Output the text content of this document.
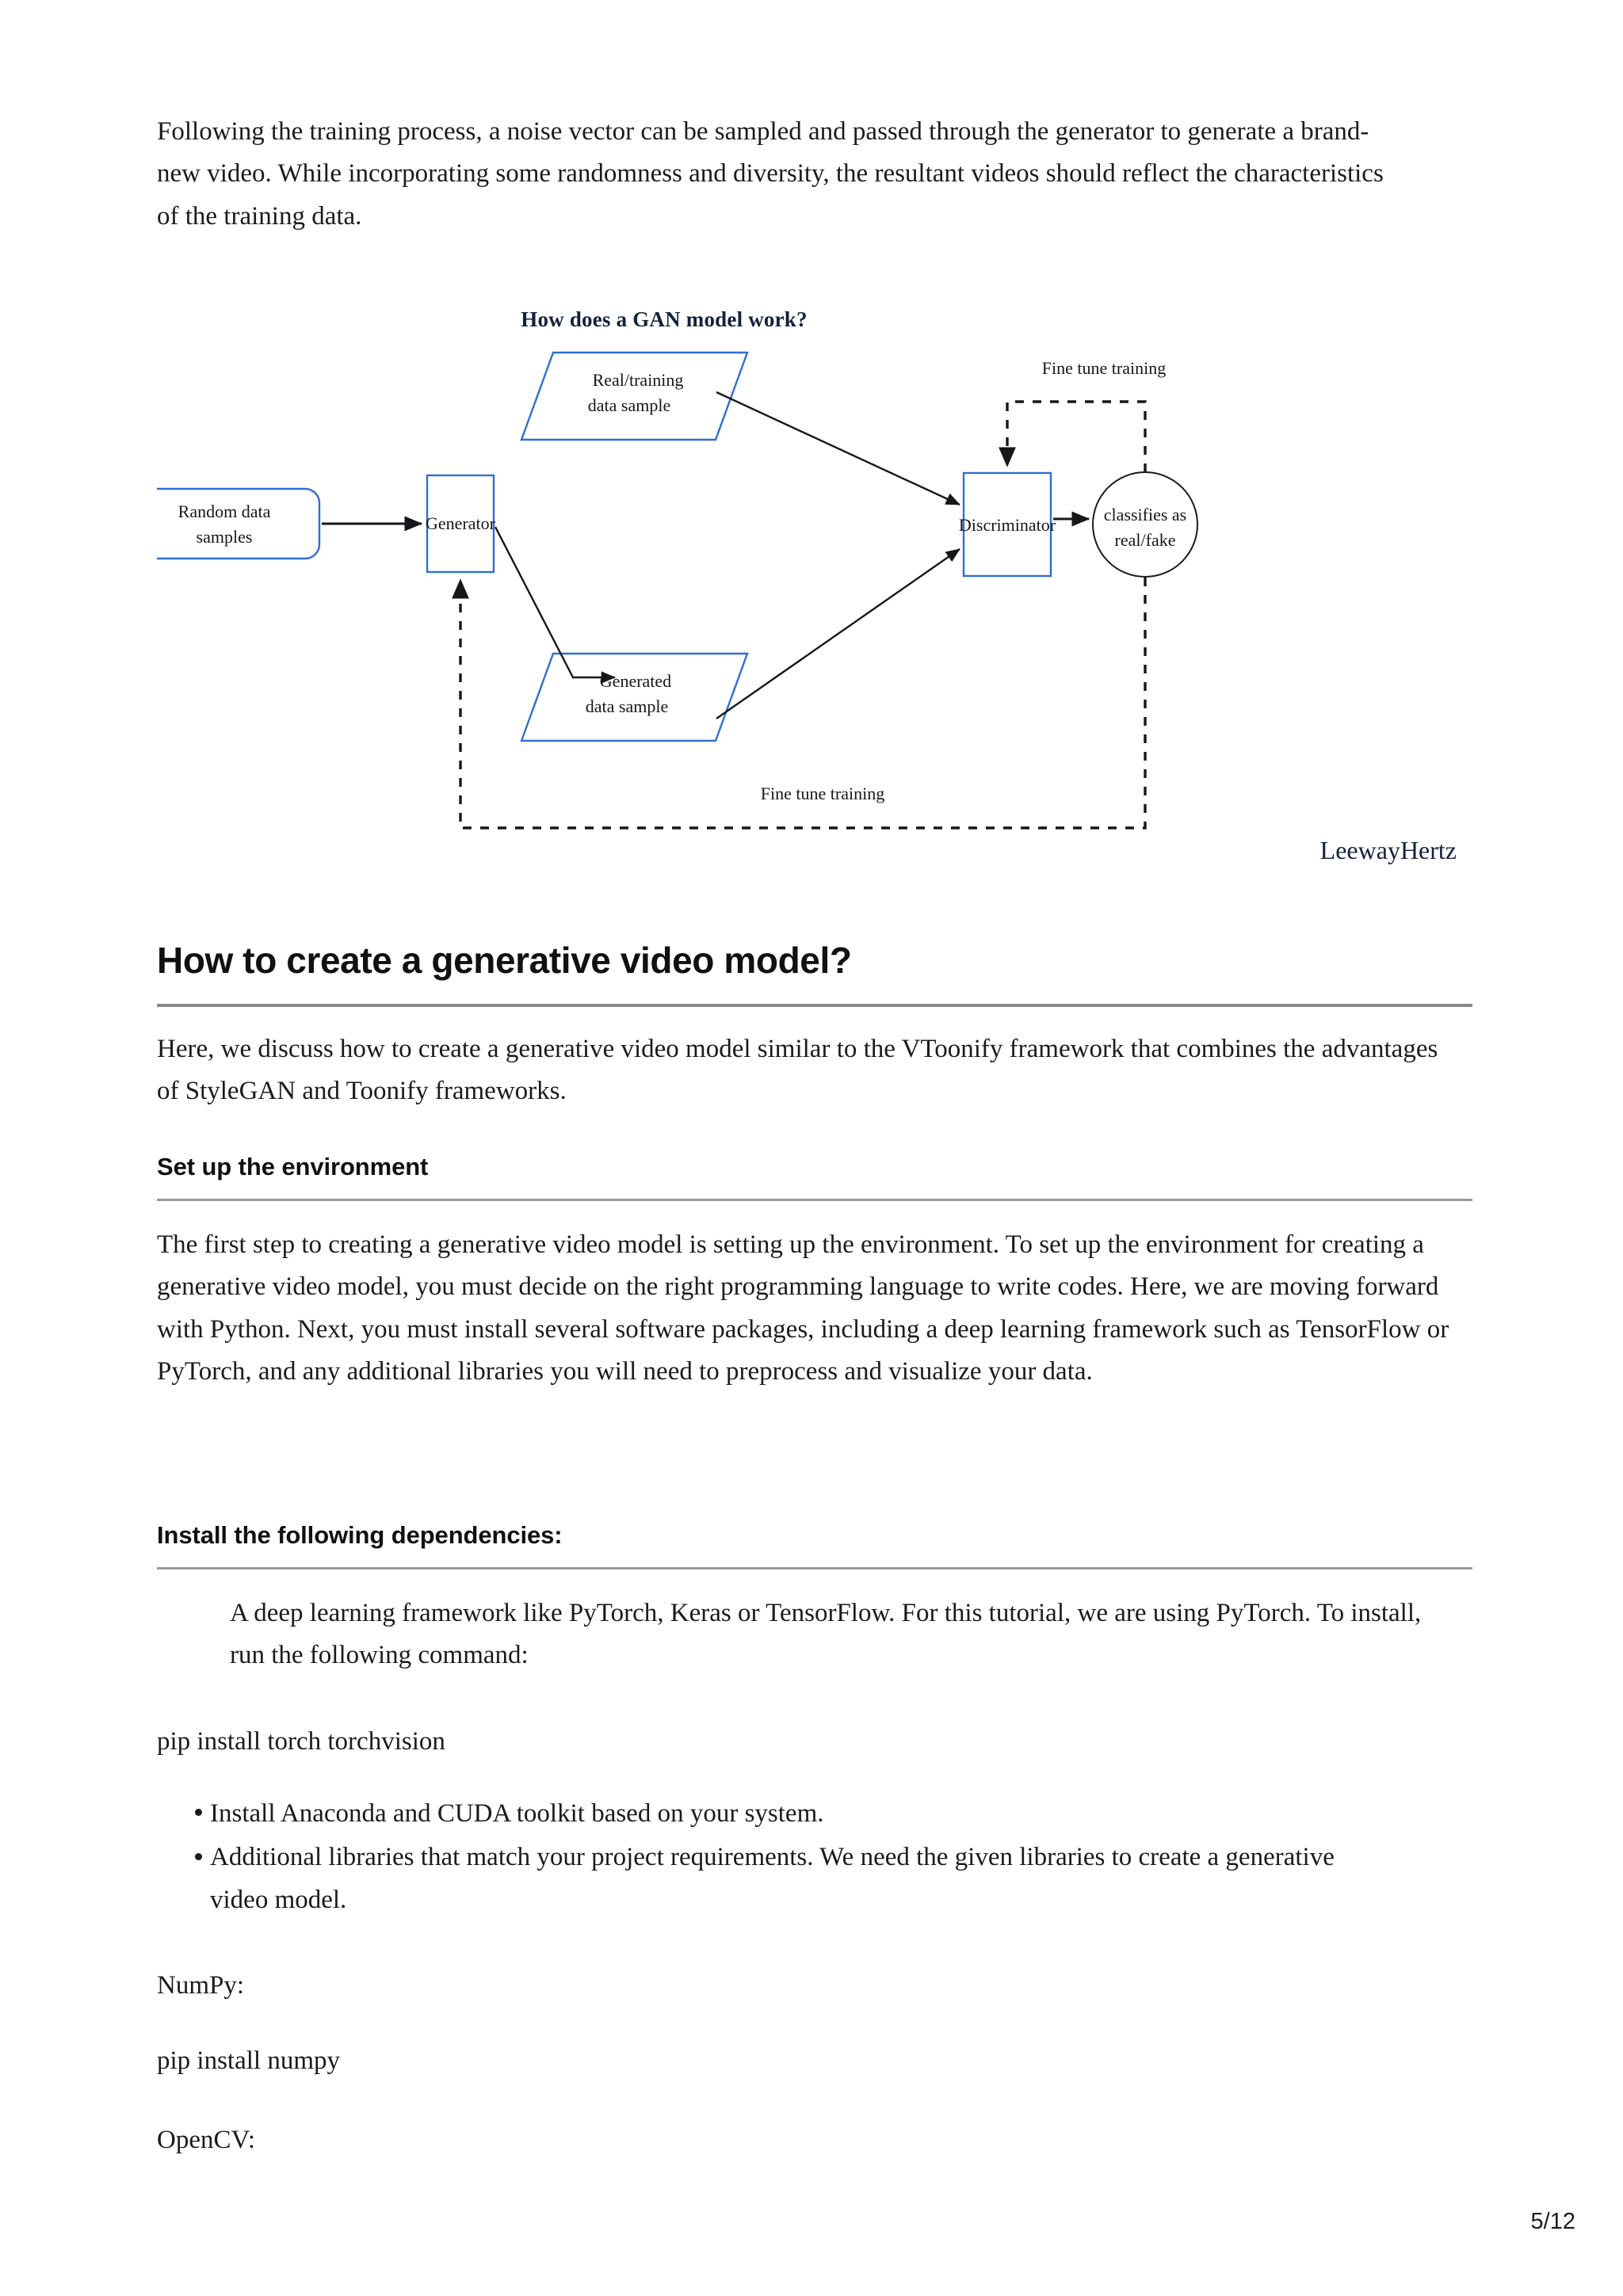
Following the training process, a noise vector can be sampled and passed through the generator to generate a brand-new video. While incorporating some randomness and diversity, the resultant videos should reflect the characteristics of the training data.

How does a GAN model work?
Random data
samples
Generator
Real/training
data sample
Generated
data sample
Discriminator
classifies as
real/fake
Fine tune training
Fine tune training
LeewayHertz
How to create a generative video model?

Here, we discuss how to create a generative video model similar to the VToonify framework that combines the advantages of StyleGAN and Toonify frameworks.

Set up the environment

The first step to creating a generative video model is setting up the environment. To set up the environment for creating a generative video model, you must decide on the right programming language to write codes. Here, we are moving forward with Python. Next, you must install several software packages, including a deep learning framework such as TensorFlow or PyTorch, and any additional libraries you will need to preprocess and visualize your data.

Install the following dependencies:

A deep learning framework like PyTorch, Keras or TensorFlow. For this tutorial, we are using PyTorch. To install, run the following command:

pip install torch torchvision

Install Anaconda and CUDA toolkit based on your system.
Additional libraries that match your project requirements. We need the given libraries to create a generative video model.

NumPy:

pip install numpy

OpenCV:

5/12
